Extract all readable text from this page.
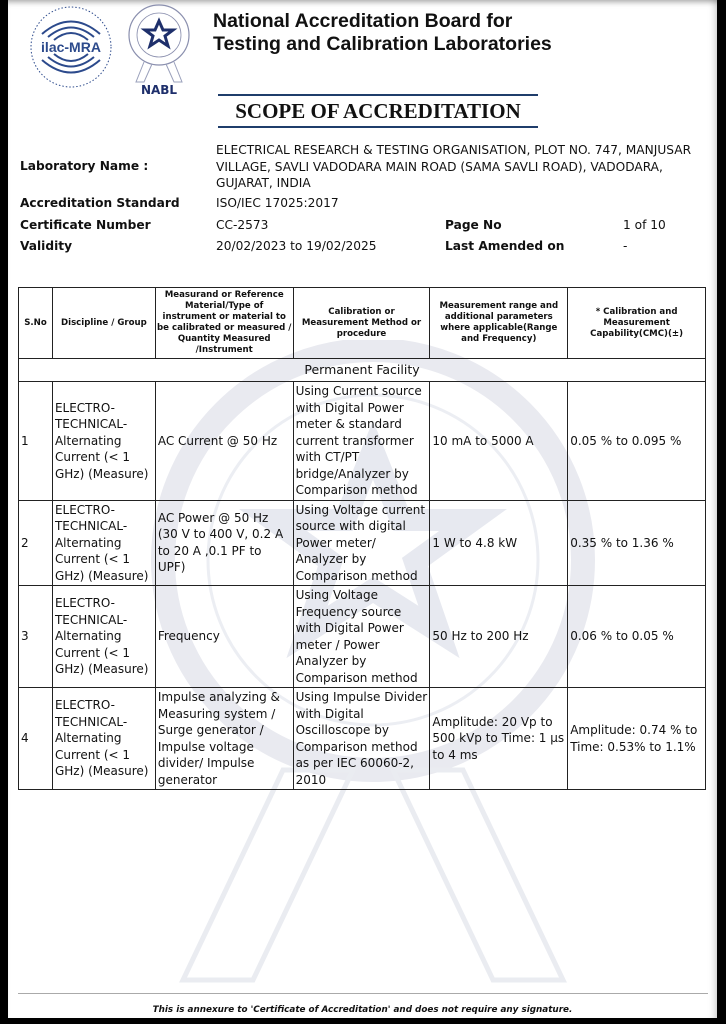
ilac-MRA
NABL
National Accreditation Board for
Testing and Calibration Laboratories
SCOPE OF ACCREDITATION
Laboratory Name :
ELECTRICAL RESEARCH & TESTING ORGANISATION, PLOT NO. 747, MANJUSAR VILLAGE, SAVLI VADODARA MAIN ROAD (SAMA SAVLI ROAD), VADODARA, GUJARAT, INDIA
Accreditation Standard	ISO/IEC 17025:2017
Certificate Number	CC-2573	Page No	1 of 10
Validity	20/02/2023 to 19/02/2025	Last Amended on	-
S.No	Discipline / Group	Measurand or Reference Material/Type of instrument or material to be calibrated or measured / Quantity Measured /Instrument	Calibration or Measurement Method or procedure	Measurement range and additional parameters where applicable(Range and Frequency)	* Calibration and Measurement Capability(CMC)(±)
Permanent Facility					
1	ELECTRO-TECHNICAL-Alternating Current (< 1 GHz) (Measure)	AC Current @ 50 Hz	Using Current source with Digital Power meter & standard current transformer with CT/PT bridge/Analyzer by Comparison method	10 mA to 5000 A	0.05 % to 0.095 %
2	ELECTRO-TECHNICAL-Alternating Current (< 1 GHz) (Measure)	AC Power @ 50 Hz (30 V to 400 V, 0.2 A to 20 A ,0.1 PF to UPF)	Using Voltage current source with digital Power meter/ Analyzer by Comparison method	1 W to 4.8 kW	0.35 % to 1.36 %
3	ELECTRO-TECHNICAL-Alternating Current (< 1 GHz) (Measure)	Frequency	Using Voltage Frequency source with Digital Power meter / Power Analyzer by Comparison method	50 Hz to 200 Hz	0.06 % to 0.05 %
4	ELECTRO-TECHNICAL-Alternating Current (< 1 GHz) (Measure)	Impulse analyzing & Measuring system / Surge generator / Impulse voltage divider/ Impulse generator	Using Impulse Divider with Digital Oscilloscope by Comparison method as per IEC 60060-2, 2010	Amplitude: 20 Vp to 500 kVp to Time: 1 µs to 4 ms	Amplitude: 0.74 % to Time: 0.53% to 1.1%
This is annexure to 'Certificate of Accreditation' and does not require any signature.
